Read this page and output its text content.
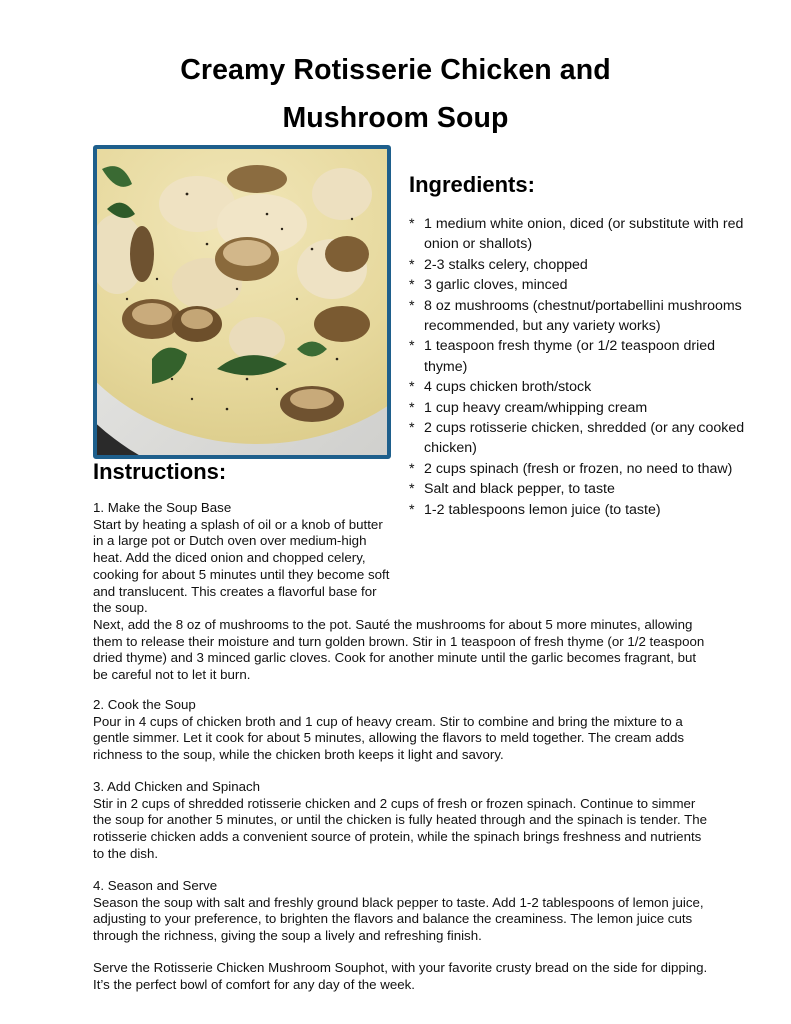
Creamy Rotisserie Chicken and
Mushroom Soup
Ingredients:
* 1 medium white onion, diced (or substitute with red onion or shallots)
* 2-3 stalks celery, chopped
* 3 garlic cloves, minced
* 8 oz mushrooms (chestnut/portabellini mushrooms recommended, but any variety works)
* 1 teaspoon fresh thyme (or 1/2 teaspoon dried thyme)
* 4 cups chicken broth/stock
* 1 cup heavy cream/whipping cream
* 2 cups rotisserie chicken, shredded (or any cooked chicken)
* 2 cups spinach (fresh or frozen, no need to thaw)
* Salt and black pepper, to taste
* 1-2 tablespoons lemon juice (to taste)
Instructions:
1. Make the Soup Base
Start by heating a splash of oil or a knob of butter in a large pot or Dutch oven over medium-high heat. Add the diced onion and chopped celery, cooking for about 5 minutes until they become soft and translucent. This creates a flavorful base for the soup.

Next, add the 8 oz of mushrooms to the pot. Sauté the mushrooms for about 5 more minutes, allowing them to release their moisture and turn golden brown. Stir in 1 teaspoon of fresh thyme (or 1/2 teaspoon dried thyme) and 3 minced garlic cloves. Cook for another minute until the garlic becomes fragrant, but be careful not to let it burn.

2. Cook the Soup

Pour in 4 cups of chicken broth and 1 cup of heavy cream. Stir to combine and bring the mixture to a gentle simmer. Let it cook for about 5 minutes, allowing the flavors to meld together. The cream adds richness to the soup, while the chicken broth keeps it light and savory.

3. Add Chicken and Spinach

Stir in 2 cups of shredded rotisserie chicken and 2 cups of fresh or frozen spinach. Continue to simmer the soup for another 5 minutes, or until the chicken is fully heated through and the spinach is tender. The rotisserie chicken adds a convenient source of protein, while the spinach brings freshness and nutrients to the dish.

4. Season and Serve

Season the soup with salt and freshly ground black pepper to taste. Add 1-2 tablespoons of lemon juice, adjusting to your preference, to brighten the flavors and balance the creaminess. The lemon juice cuts through the richness, giving the soup a lively and refreshing finish.

Serve the Rotisserie Chicken Mushroom Souphot, with your favorite crusty bread on the side for dipping. It’s the perfect bowl of comfort for any day of the week.
